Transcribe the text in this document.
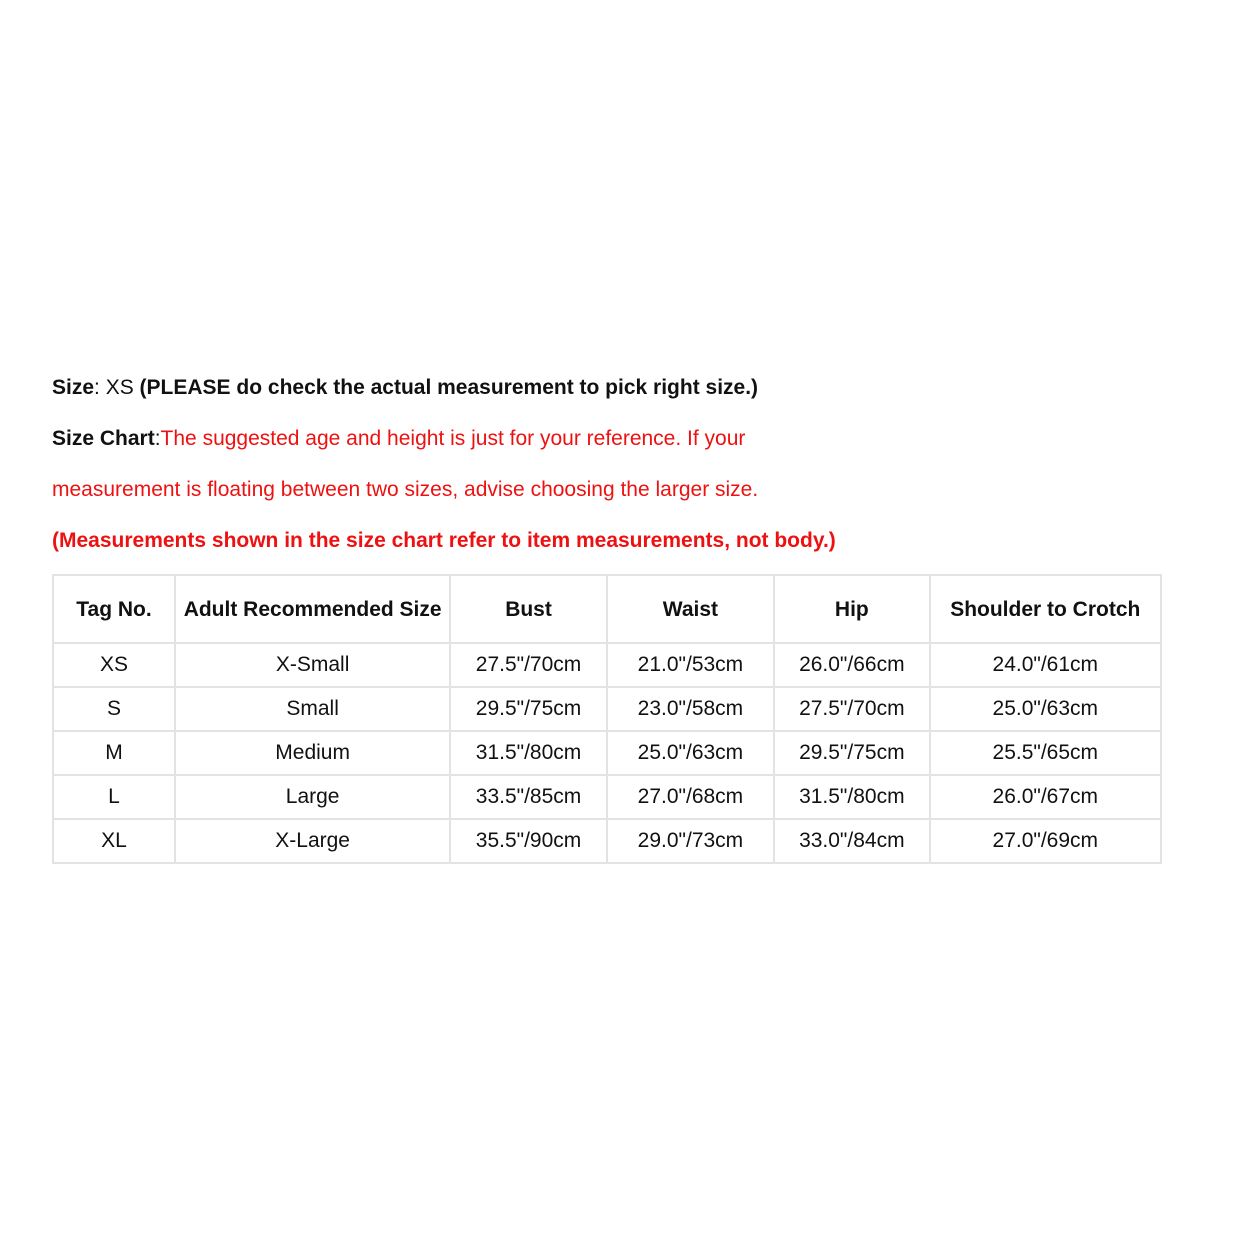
Size: XS (PLEASE do check the actual measurement to pick right size.)

Size Chart:The suggested age and height is just for your reference. If your

measurement is floating between two sizes, advise choosing the larger size.

(Measurements shown in the size chart refer to item measurements, not body.)

Tag No.	Adult Recommended Size	Bust	Waist	Hip	Shoulder to Crotch
XS	X-Small	27.5"/70cm	21.0"/53cm	26.0"/66cm	24.0"/61cm
S	Small	29.5"/75cm	23.0"/58cm	27.5"/70cm	25.0"/63cm
M	Medium	31.5"/80cm	25.0"/63cm	29.5"/75cm	25.5"/65cm
L	Large	33.5"/85cm	27.0"/68cm	31.5"/80cm	26.0"/67cm
XL	X-Large	35.5"/90cm	29.0"/73cm	33.0"/84cm	27.0"/69cm
